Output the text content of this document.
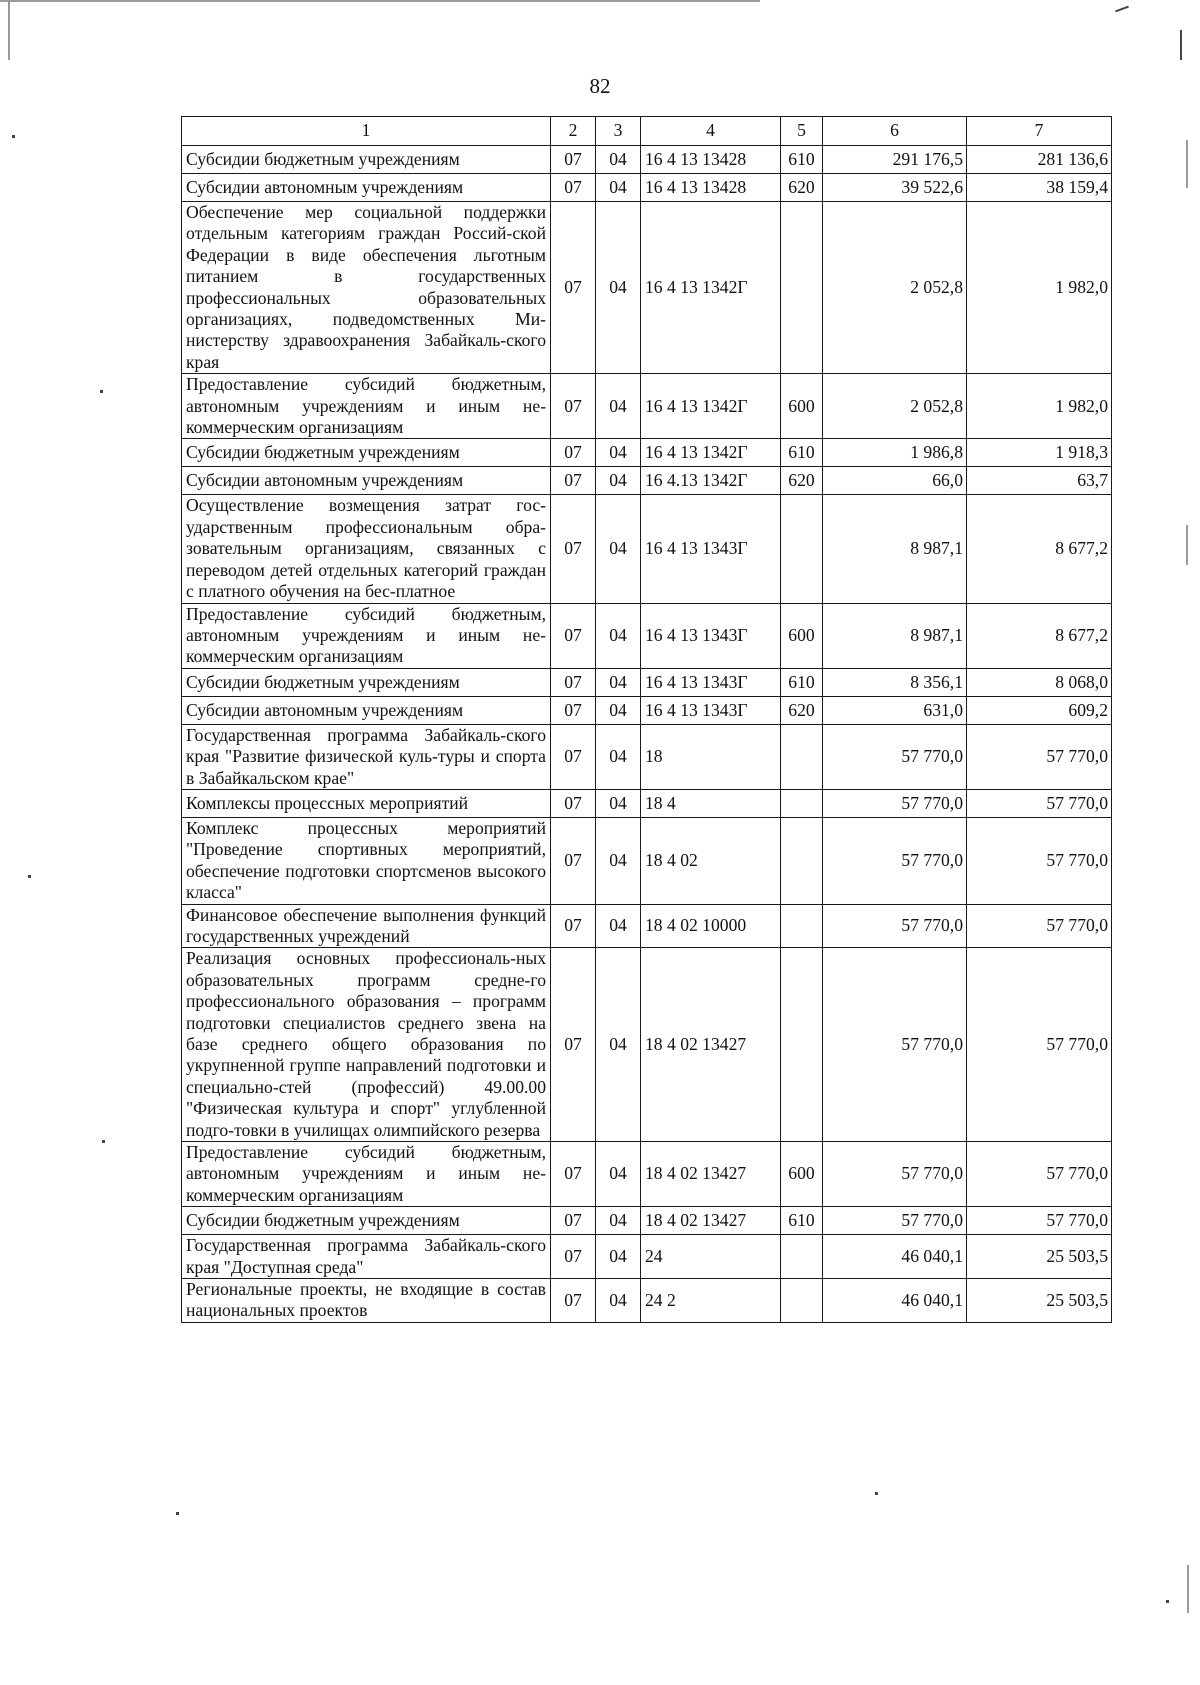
82
1	2	3	4	5	6	7
Субсидии бюджетным учреждениям	07	04	16 4 13 13428	610	291 176,5	281 136,6
Субсидии автономным учреждениям	07	04	16 4 13 13428	620	39 522,6	38 159,4
Обеспечение мер социальной поддержки отдельным категориям граждан Россий-ской Федерации в виде обеспечения льготным питанием в государственных профессиональных образовательных организациях, подведомственных Ми-нистерству здравоохранения Забайкаль-ского края	07	04	16 4 13 1342Г		2 052,8	1 982,0
Предоставление субсидий бюджетным, автономным учреждениям и иным не-коммерческим организациям	07	04	16 4 13 1342Г	600	2 052,8	1 982,0
Субсидии бюджетным учреждениям	07	04	16 4 13 1342Г	610	1 986,8	1 918,3
Субсидии автономным учреждениям	07	04	16 4.13 1342Г	620	66,0	63,7
Осуществление возмещения затрат гос-ударственным профессиональным обра-зовательным организациям, связанных с переводом детей отдельных категорий граждан с платного обучения на бес-платное	07	04	16 4 13 1343Г		8 987,1	8 677,2
Предоставление субсидий бюджетным, автономным учреждениям и иным не-коммерческим организациям	07	04	16 4 13 1343Г	600	8 987,1	8 677,2
Субсидии бюджетным учреждениям	07	04	16 4 13 1343Г	610	8 356,1	8 068,0
Субсидии автономным учреждениям	07	04	16 4 13 1343Г	620	631,0	609,2
Государственная программа Забайкаль-ского края "Развитие физической куль-туры и спорта в Забайкальском крае"	07	04	18		57 770,0	57 770,0
Комплексы процессных мероприятий	07	04	18 4		57 770,0	57 770,0
Комплекс процессных мероприятий "Проведение спортивных мероприятий, обеспечение подготовки спортсменов высокого класса"	07	04	18 4 02		57 770,0	57 770,0
Финансовое обеспечение выполнения функций государственных учреждений	07	04	18 4 02 10000		57 770,0	57 770,0
Реализация основных профессиональ-ных образовательных программ средне-го профессионального образования – программ подготовки специалистов среднего звена на базе среднего общего образования по укрупненной группе направлений подготовки и специально-стей (профессий) 49.00.00 "Физическая культура и спорт" углубленной подго-товки в училищах олимпийского резерва	07	04	18 4 02 13427		57 770,0	57 770,0
Предоставление субсидий бюджетным, автономным учреждениям и иным не-коммерческим организациям	07	04	18 4 02 13427	600	57 770,0	57 770,0
Субсидии бюджетным учреждениям	07	04	18 4 02 13427	610	57 770,0	57 770,0
Государственная программа Забайкаль-ского края "Доступная среда"	07	04	24		46 040,1	25 503,5
Региональные проекты, не входящие в состав национальных проектов	07	04	24 2		46 040,1	25 503,5
